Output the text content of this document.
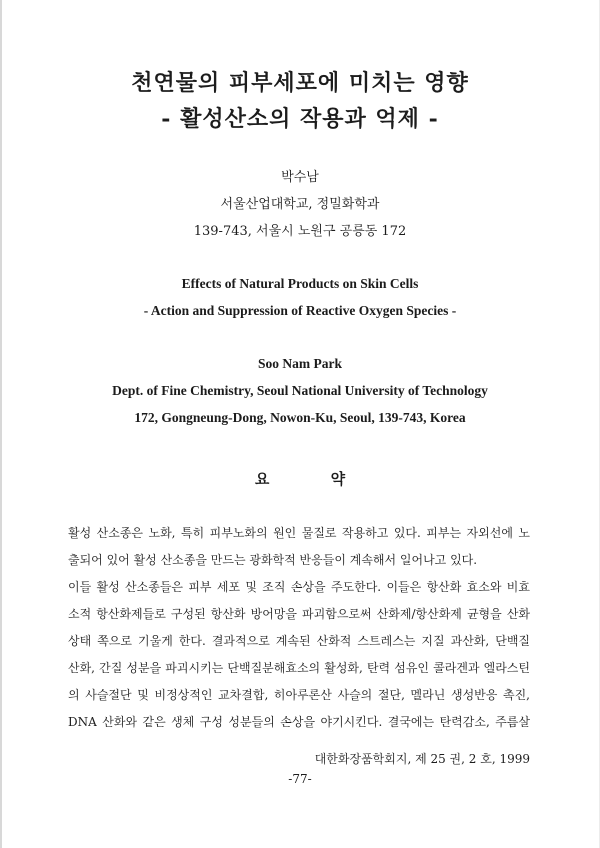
천연물의 피부세포에 미치는 영향
- 활성산소의 작용과 억제 -
박수남
서울산업대학교, 정밀화학과
139-743, 서울시 노원구 공릉동 172
Effects of Natural Products on Skin Cells
- Action and Suppression of Reactive Oxygen Species -
Soo Nam Park
Dept. of Fine Chemistry, Seoul National University of Technology
172, Gongneung-Dong, Nowon-Ku, Seoul, 139-743, Korea
요 약
활성 산소종은 노화, 특히 피부노화의 원인 물질로 작용하고 있다. 피부는 자외선에 노
출되어 있어 활성 산소종을 만드는 광화학적 반응들이 계속해서 일어나고 있다.
이들 활성 산소종들은 피부 세포 및 조직 손상을 주도한다. 이들은 항산화 효소와 비효
소적 항산화제들로 구성된 항산화 방어망을 파괴함으로써 산화제/항산화제 균형을 산화
상태 쪽으로 기울게 한다. 결과적으로 계속된 산화적 스트레스는 지질 과산화, 단백질
산화, 간질 성분을 파괴시키는 단백질분해효소의 활성화, 탄력 섬유인 콜라겐과 엘라스틴
의 사슬절단 및 비정상적인 교차결합, 히아루론산 사슬의 절단, 멜라닌 생성반응 촉진,
DNA 산화와 같은 생체 구성 성분들의 손상을 야기시킨다. 결국에는 탄력감소, 주름살
대한화장품학회지, 제 25 권, 2 호, 1999
-77-
